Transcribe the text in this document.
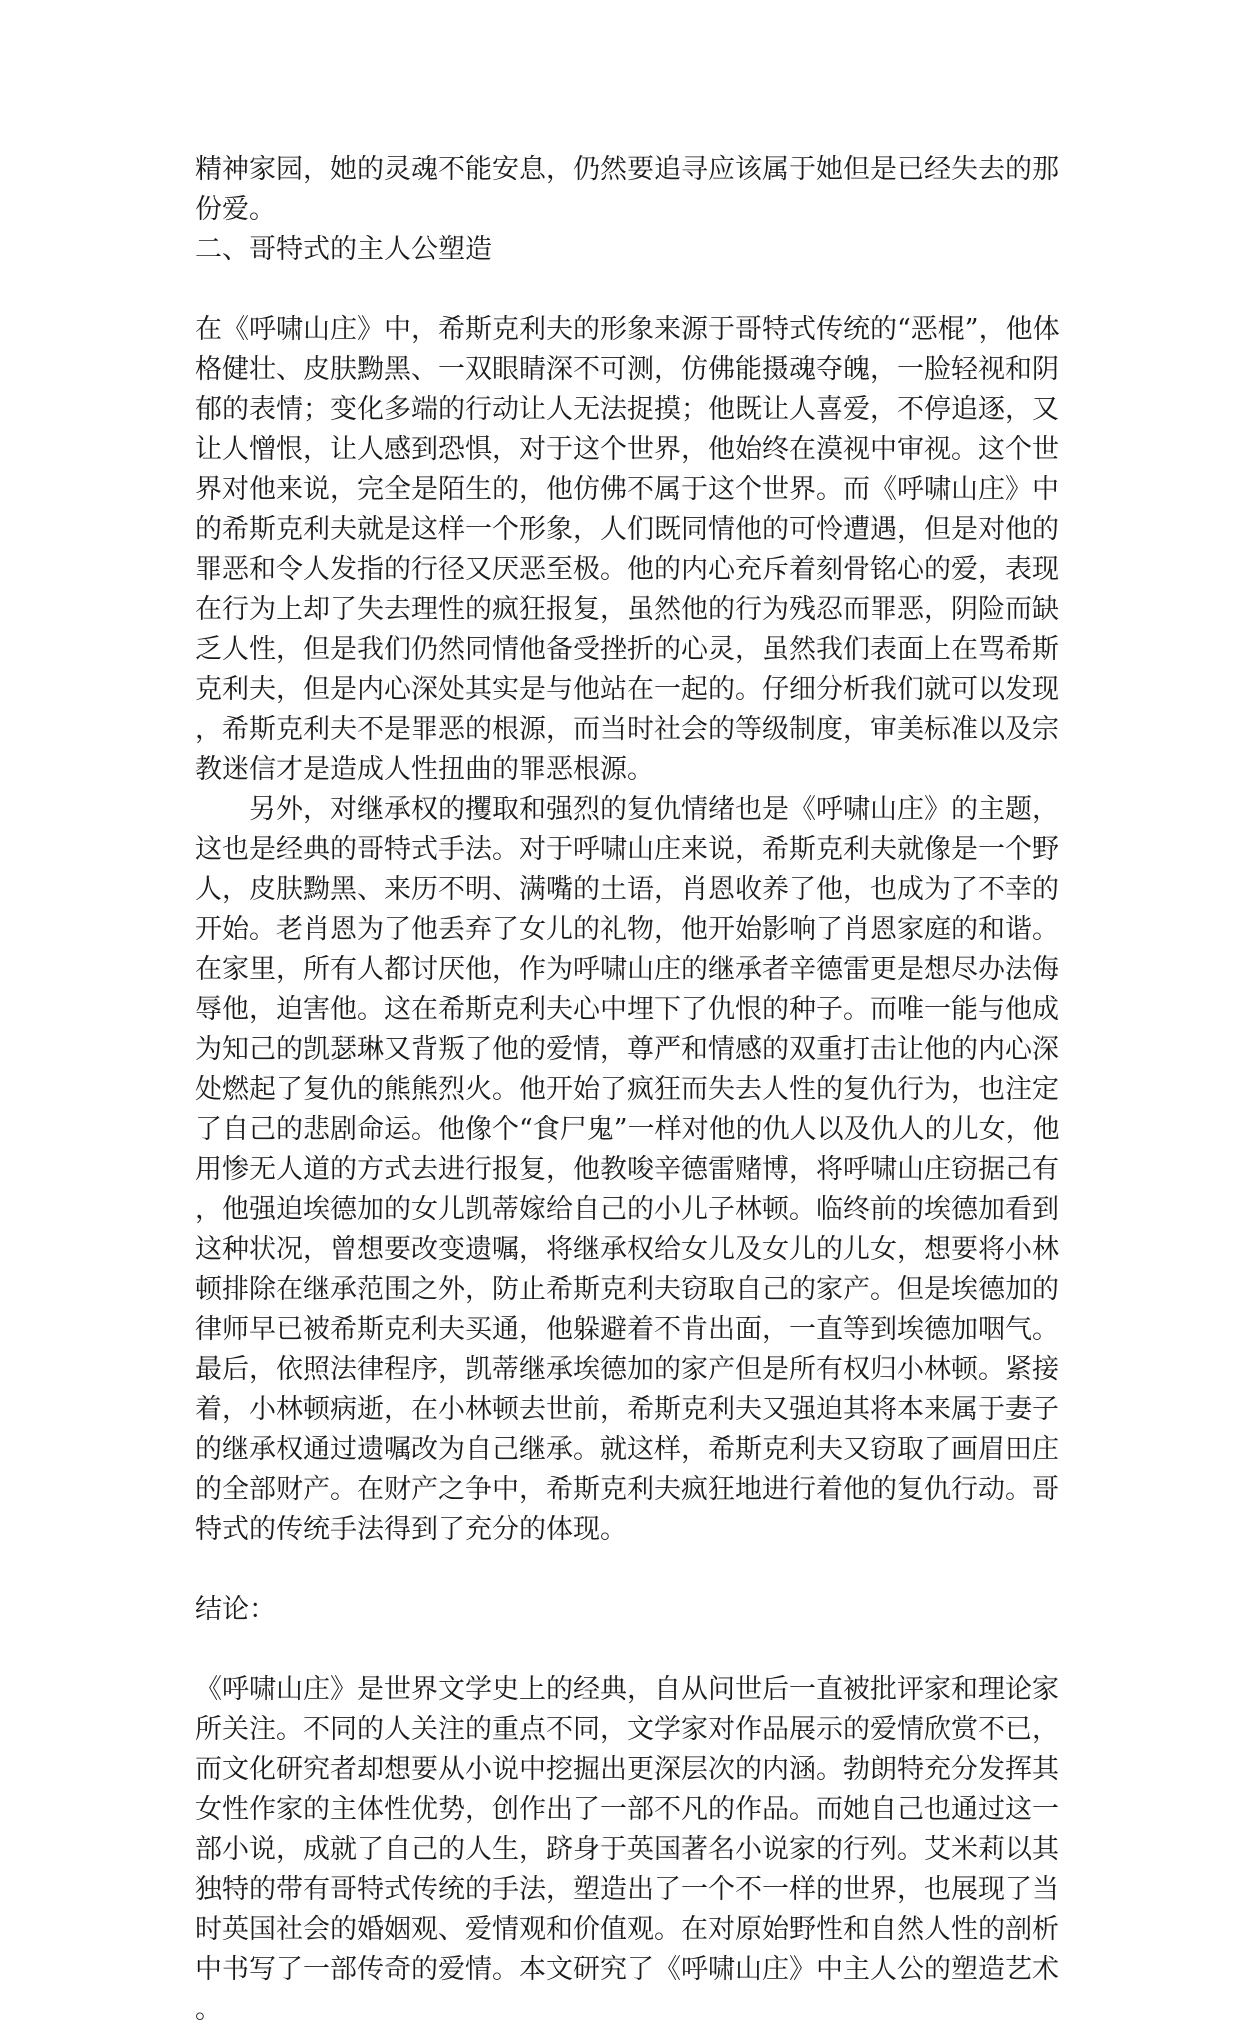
精神家园，她的灵魂不能安息，仍然要追寻应该属于她但是已经失去的那份爱。

二、哥特式的主人公塑造

在《呼啸山庄》中，希斯克利夫的形象来源于哥特式传统的“恶棍”，他体格健壮、皮肤黝黑、一双眼睛深不可测，仿佛能摄魂夺魄，一脸轻视和阴郁的表情；变化多端的行动让人无法捉摸；他既让人喜爱，不停追逐，又让人憎恨，让人感到恐惧，对于这个世界，他始终在漠视中审视。这个世界对他来说，完全是陌生的，他仿佛不属于这个世界。而《呼啸山庄》中的希斯克利夫就是这样一个形象，人们既同情他的可怜遭遇，但是对他的罪恶和令人发指的行径又厌恶至极。他的内心充斥着刻骨铭心的爱，表现在行为上却了失去理性的疯狂报复，虽然他的行为残忍而罪恶，阴险而缺乏人性，但是我们仍然同情他备受挫折的心灵，虽然我们表面上在骂希斯克利夫，但是内心深处其实是与他站在一起的。仔细分析我们就可以发现，希斯克利夫不是罪恶的根源，而当时社会的等级制度，审美标准以及宗教迷信才是造成人性扭曲的罪恶根源。

另外，对继承权的攫取和强烈的复仇情绪也是《呼啸山庄》的主题，这也是经典的哥特式手法。对于呼啸山庄来说，希斯克利夫就像是一个野人，皮肤黝黑、来历不明、满嘴的土语，肖恩收养了他，也成为了不幸的开始。老肖恩为了他丢弃了女儿的礼物，他开始影响了肖恩家庭的和谐。在家里，所有人都讨厌他，作为呼啸山庄的继承者辛德雷更是想尽办法侮辱他，迫害他。这在希斯克利夫心中埋下了仇恨的种子。而唯一能与他成为知己的凯瑟琳又背叛了他的爱情，尊严和情感的双重打击让他的内心深处燃起了复仇的熊熊烈火。他开始了疯狂而失去人性的复仇行为，也注定了自己的悲剧命运。他像个“食尸鬼”一样对他的仇人以及仇人的儿女，他用惨无人道的方式去进行报复，他教唆辛德雷赌博，将呼啸山庄窃据己有，他强迫埃德加的女儿凯蒂嫁给自己的小儿子林顿。临终前的埃德加看到这种状况，曾想要改变遗嘱，将继承权给女儿及女儿的儿女，想要将小林顿排除在继承范围之外，防止希斯克利夫窃取自己的家产。但是埃德加的律师早已被希斯克利夫买通，他躲避着不肯出面，一直等到埃德加咽气。最后，依照法律程序，凯蒂继承埃德加的家产但是所有权归小林顿。紧接着，小林顿病逝，在小林顿去世前，希斯克利夫又强迫其将本来属于妻子的继承权通过遗嘱改为自己继承。就这样，希斯克利夫又窃取了画眉田庄的全部财产。在财产之争中，希斯克利夫疯狂地进行着他的复仇行动。哥特式的传统手法得到了充分的体现。

结论：

《呼啸山庄》是世界文学史上的经典，自从问世后一直被批评家和理论家所关注。不同的人关注的重点不同，文学家对作品展示的爱情欣赏不已，而文化研究者却想要从小说中挖掘出更深层次的内涵。勃朗特充分发挥其女性作家的主体性优势，创作出了一部不凡的作品。而她自己也通过这一部小说，成就了自己的人生，跻身于英国著名小说家的行列。艾米莉以其独特的带有哥特式传统的手法，塑造出了一个不一样的世界，也展现了当时英国社会的婚姻观、爱情观和价值观。在对原始野性和自然人性的剖析中书写了一部传奇的爱情。本文研究了《呼啸山庄》中主人公的塑造艺术。
